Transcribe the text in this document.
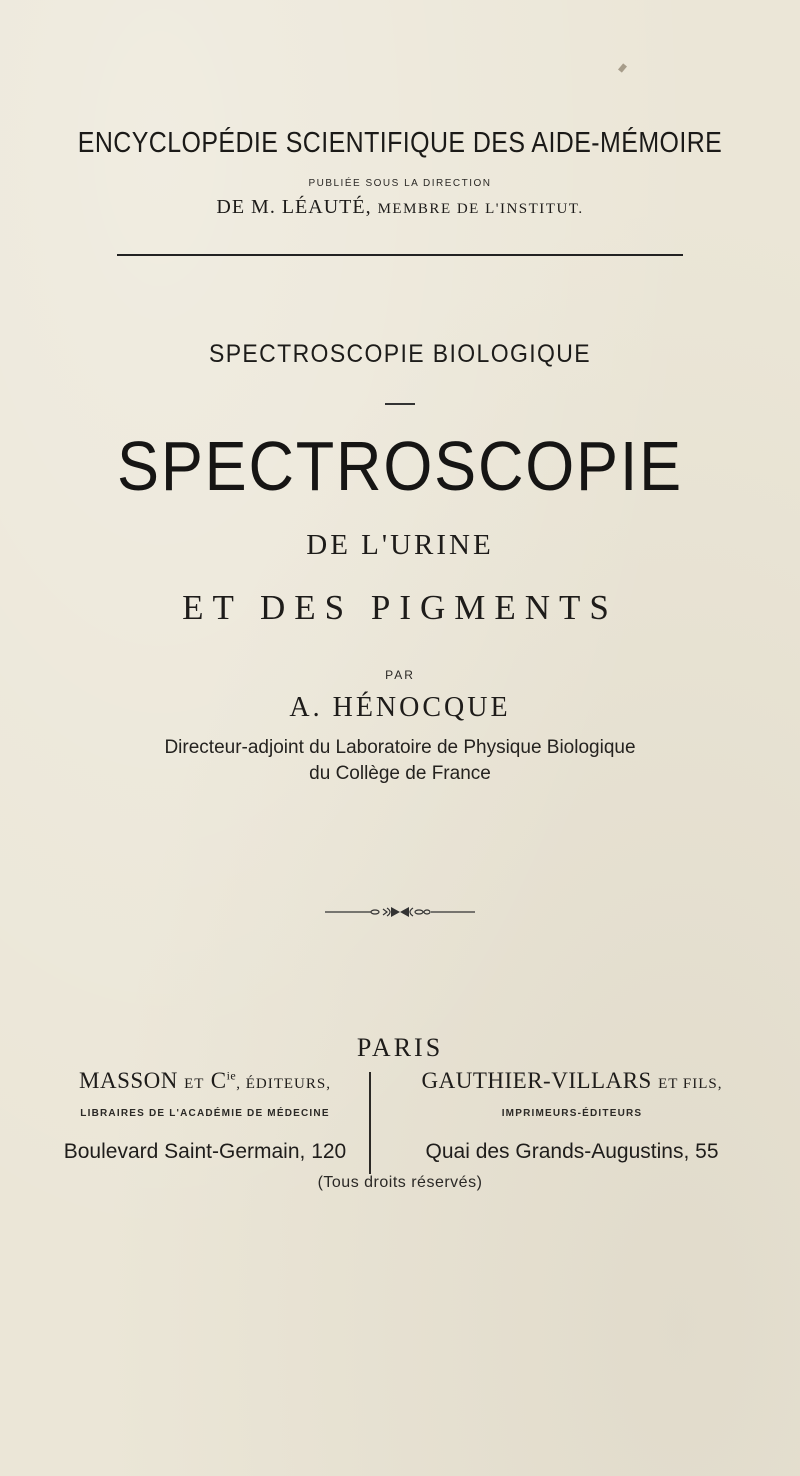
ENCYCLOPÉDIE SCIENTIFIQUE DES AIDE-MÉMOIRE
PUBLIÉE SOUS LA DIRECTION
DE M. LÉAUTÉ, MEMBRE DE L'INSTITUT.
SPECTROSCOPIE BIOLOGIQUE
SPECTROSCOPIE
DE L'URINE
ET DES PIGMENTS
PAR
A. HÉNOCQUE
Directeur-adjoint du Laboratoire de Physique Biologique
du Collège de France
PARIS
MASSON ET $C^{ie}$, ÉDITEURS,
LIBRAIRES DE L'ACADÉMIE DE MÉDECINE
Boulevard Saint-Germain, 120
GAUTHIER-VILLARS ET FILS,
IMPRIMEURS-ÉDITEURS
Quai des Grands-Augustins, 55
(Tous droits réservés)
